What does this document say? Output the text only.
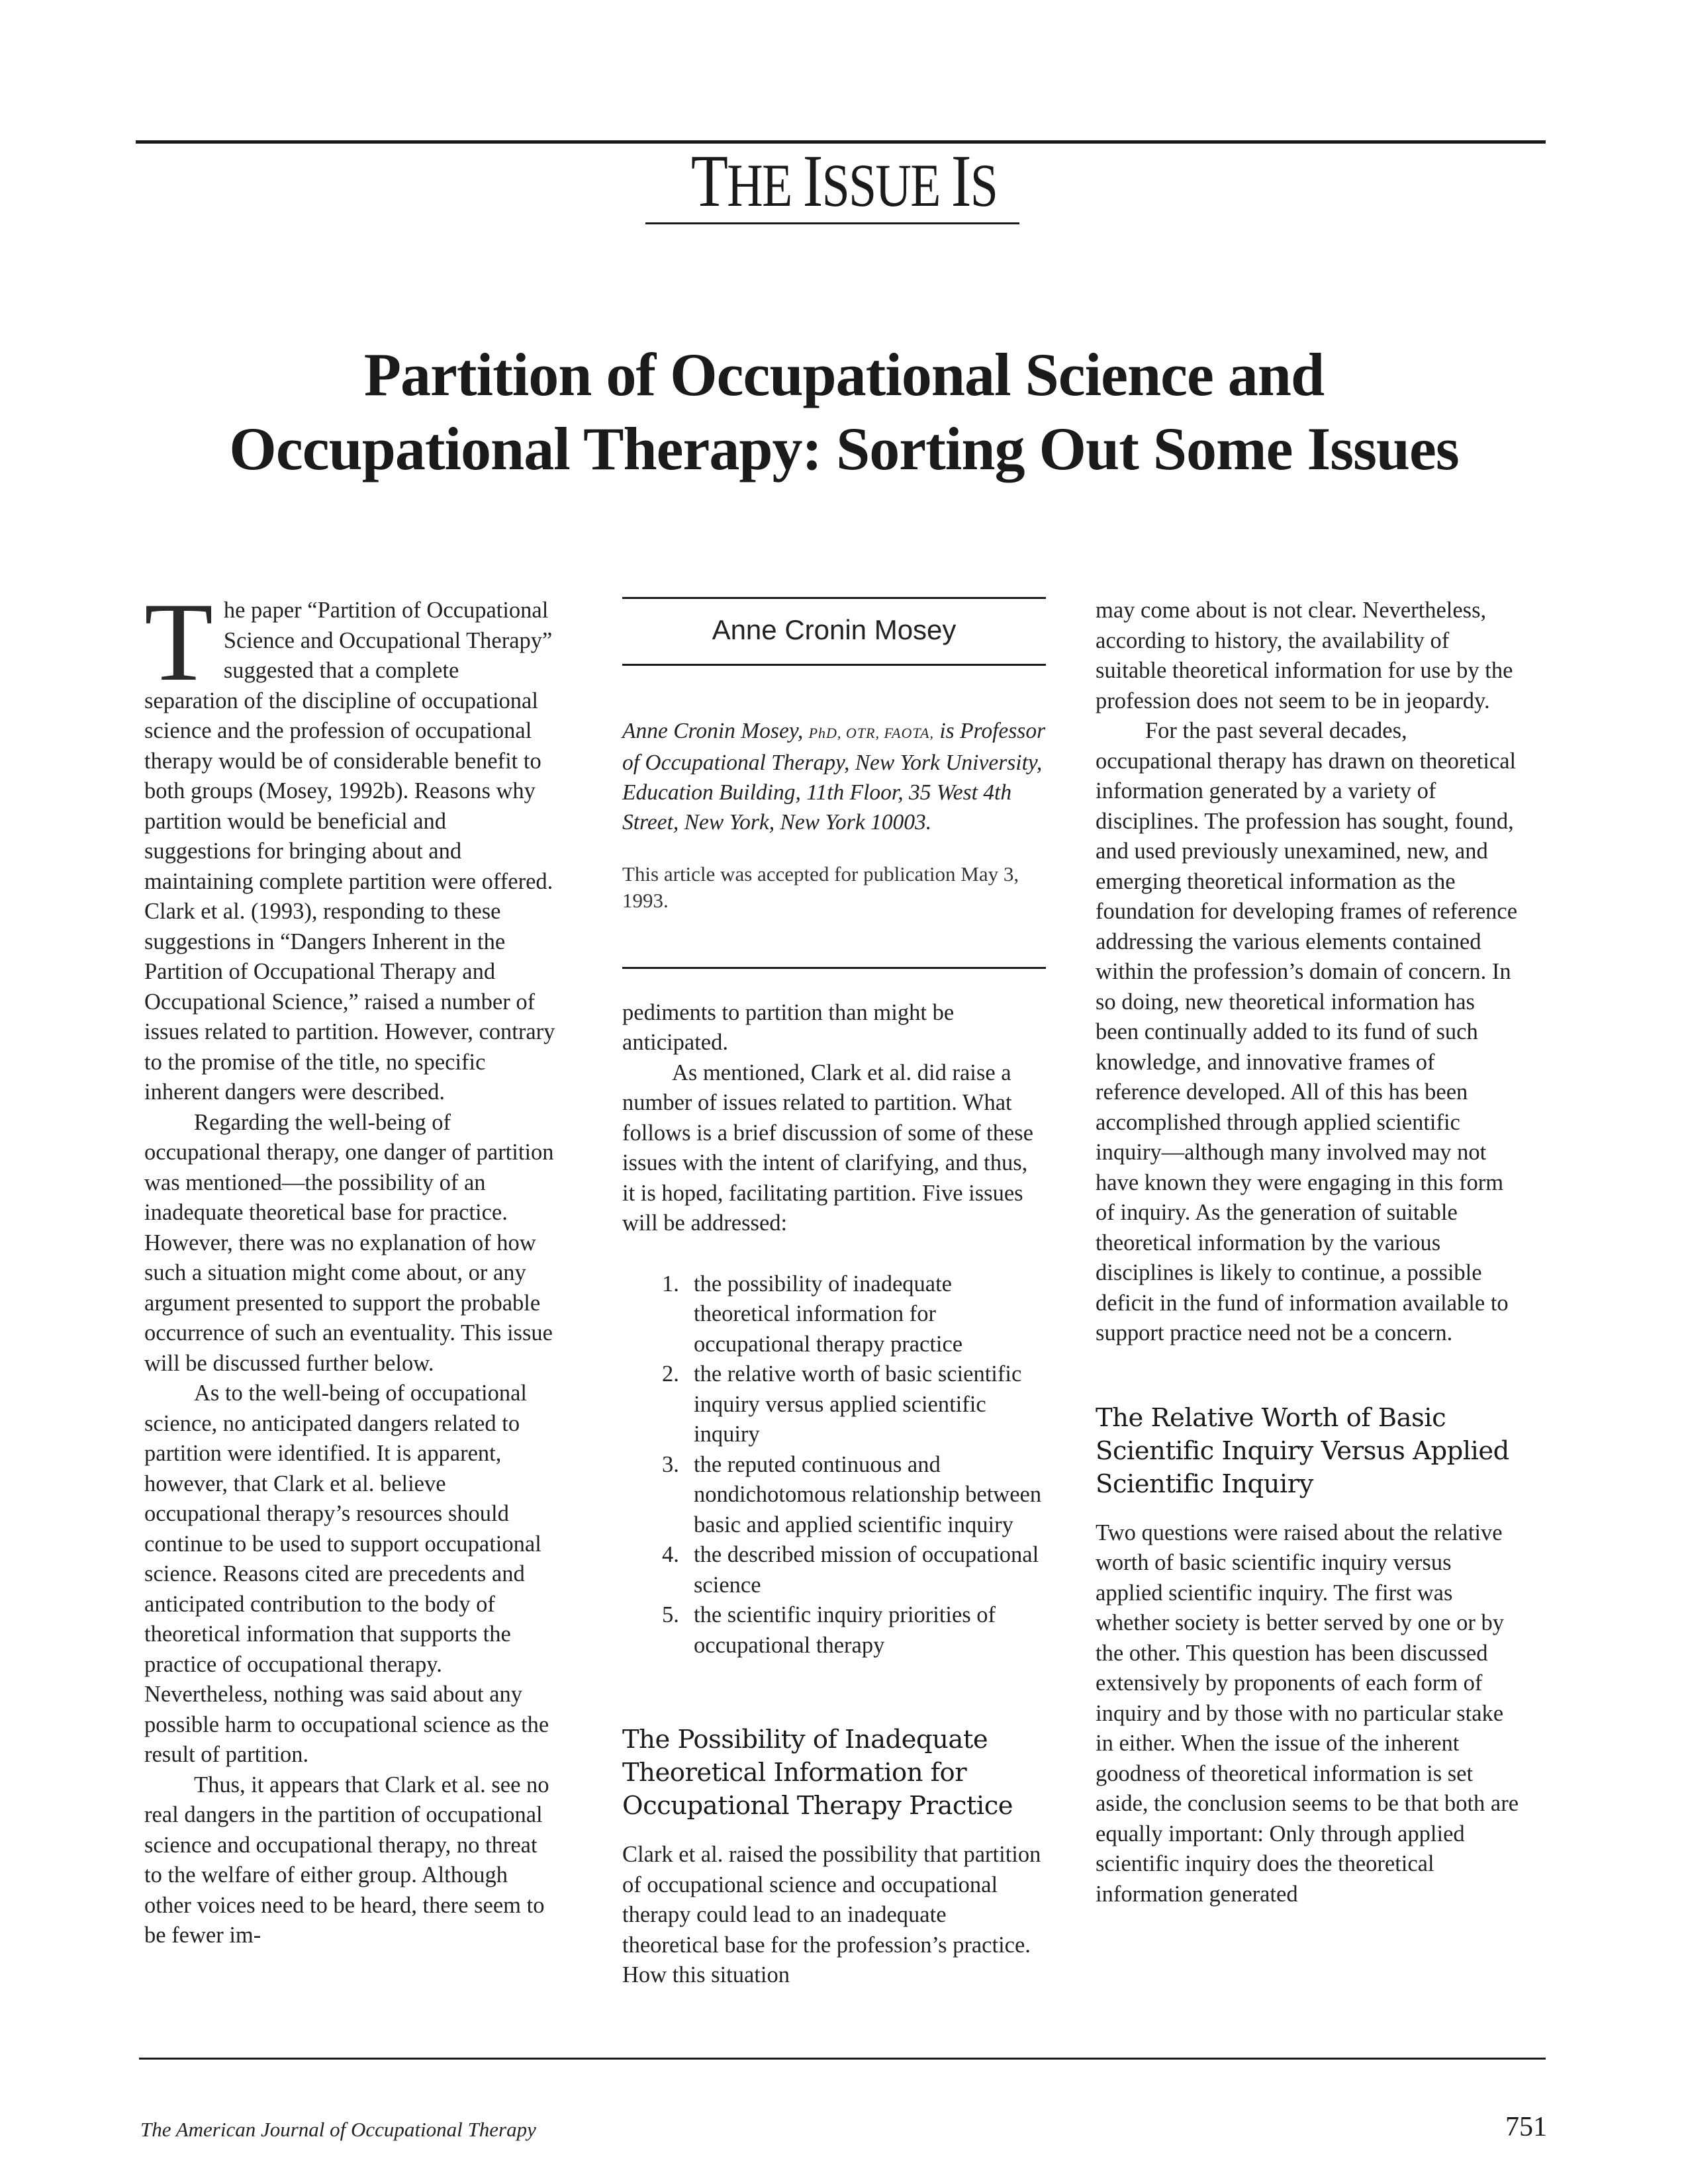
THE ISSUE IS
Partition of Occupational Science and
Occupational Therapy: Sorting Out Some Issues

The paper “Partition of Occupational Science and Occupational Therapy” suggested that a complete separation of the discipline of occupational science and the profession of occupational therapy would be of considerable benefit to both groups (Mosey, 1992b). Reasons why partition would be beneficial and suggestions for bringing about and maintaining complete partition were offered. Clark et al. (1993), responding to these suggestions in “Dangers Inherent in the Partition of Occupational Therapy and Occupational Science,” raised a number of issues related to partition. However, contrary to the promise of the title, no specific inherent dangers were described.

Regarding the well-being of occupational therapy, one danger of partition was mentioned—the possibility of an inadequate theoretical base for practice. However, there was no explanation of how such a situation might come about, or any argument presented to support the probable occurrence of such an eventuality. This issue will be discussed further below.

As to the well-being of occupational science, no anticipated dangers related to partition were identified. It is apparent, however, that Clark et al. believe occupational therapy’s resources should continue to be used to support occupational science. Reasons cited are precedents and anticipated contribution to the body of theoretical information that supports the practice of occupational therapy. Nevertheless, nothing was said about any possible harm to occupational science as the result of partition.

Thus, it appears that Clark et al. see no real dangers in the partition of occupational science and occupational therapy, no threat to the welfare of either group. Although other voices need to be heard, there seem to be fewer im-

Anne Cronin Mosey

Anne Cronin Mosey, PhD, OTR, FAOTA, is Professor of Occupational Therapy, New York University, Education Building, 11th Floor, 35 West 4th Street, New York, New York 10003.

This article was accepted for publication May 3, 1993.

pediments to partition than might be anticipated.

As mentioned, Clark et al. did raise a number of issues related to partition. What follows is a brief discussion of some of these issues with the intent of clarifying, and thus, it is hoped, facilitating partition. Five issues will be addressed:

1. the possibility of inadequate theoretical information for occupational therapy practice
2. the relative worth of basic scientific inquiry versus applied scientific inquiry
3. the reputed continuous and nondichotomous relationship between basic and applied scientific inquiry
4. the described mission of occupational science
5. the scientific inquiry priorities of occupational therapy
The Possibility of Inadequate Theoretical Information for Occupational Therapy Practice

Clark et al. raised the possibility that partition of occupational science and occupational therapy could lead to an inadequate theoretical base for the profession’s practice. How this situation

may come about is not clear. Nevertheless, according to history, the availability of suitable theoretical information for use by the profession does not seem to be in jeopardy.

For the past several decades, occupational therapy has drawn on theoretical information generated by a variety of disciplines. The profession has sought, found, and used previously unexamined, new, and emerging theoretical information as the foundation for developing frames of reference addressing the various elements contained within the profession’s domain of concern. In so doing, new theoretical information has been continually added to its fund of such knowledge, and innovative frames of reference developed. All of this has been accomplished through applied scientific inquiry—although many involved may not have known they were engaging in this form of inquiry. As the generation of suitable theoretical information by the various disciplines is likely to continue, a possible deficit in the fund of information available to support practice need not be a concern.

The Relative Worth of Basic Scientific Inquiry Versus Applied Scientific Inquiry

Two questions were raised about the relative worth of basic scientific inquiry versus applied scientific inquiry. The first was whether society is better served by one or by the other. This question has been discussed extensively by proponents of each form of inquiry and by those with no particular stake in either. When the issue of the inherent goodness of theoretical information is set aside, the conclusion seems to be that both are equally important: Only through applied scientific inquiry does the theoretical information generated

The American Journal of Occupational Therapy	751
